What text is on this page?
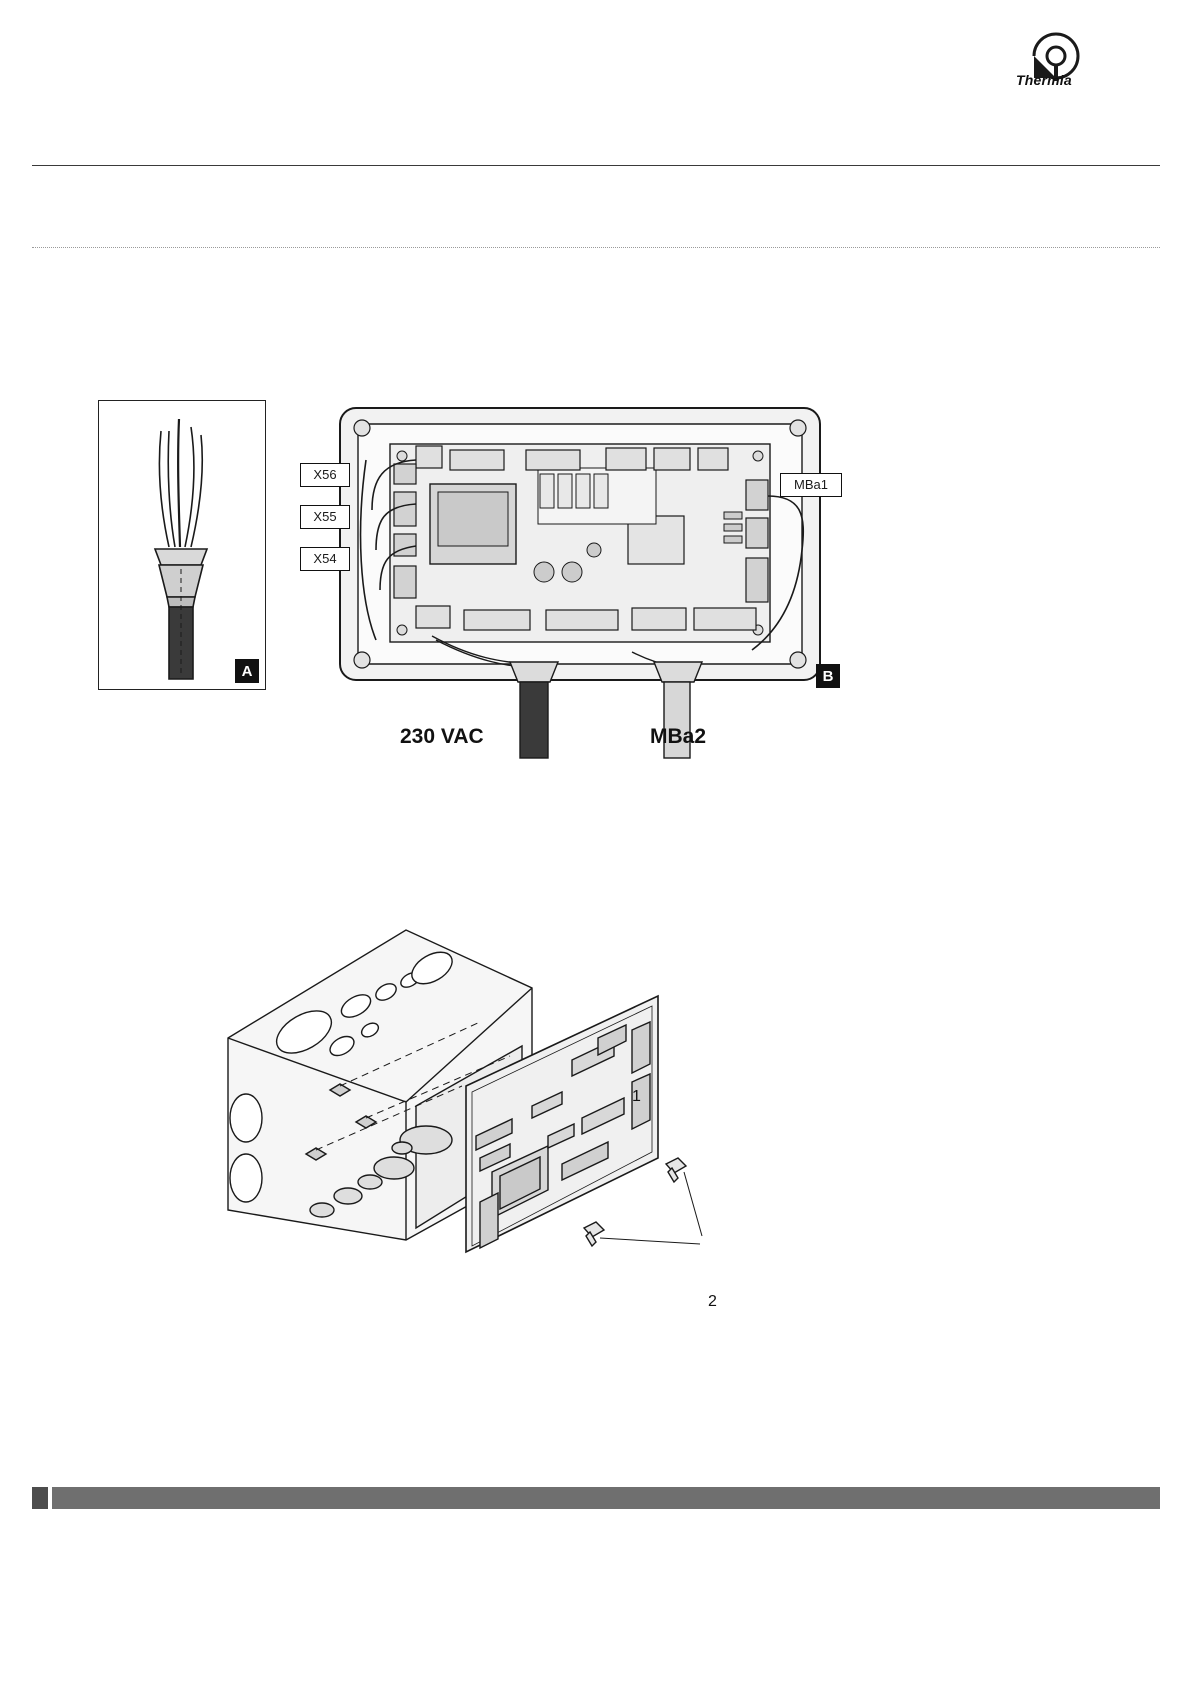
Thermia
A	B
X56
X55
X54
MBa1
230 VAC	MBa2
1
2
